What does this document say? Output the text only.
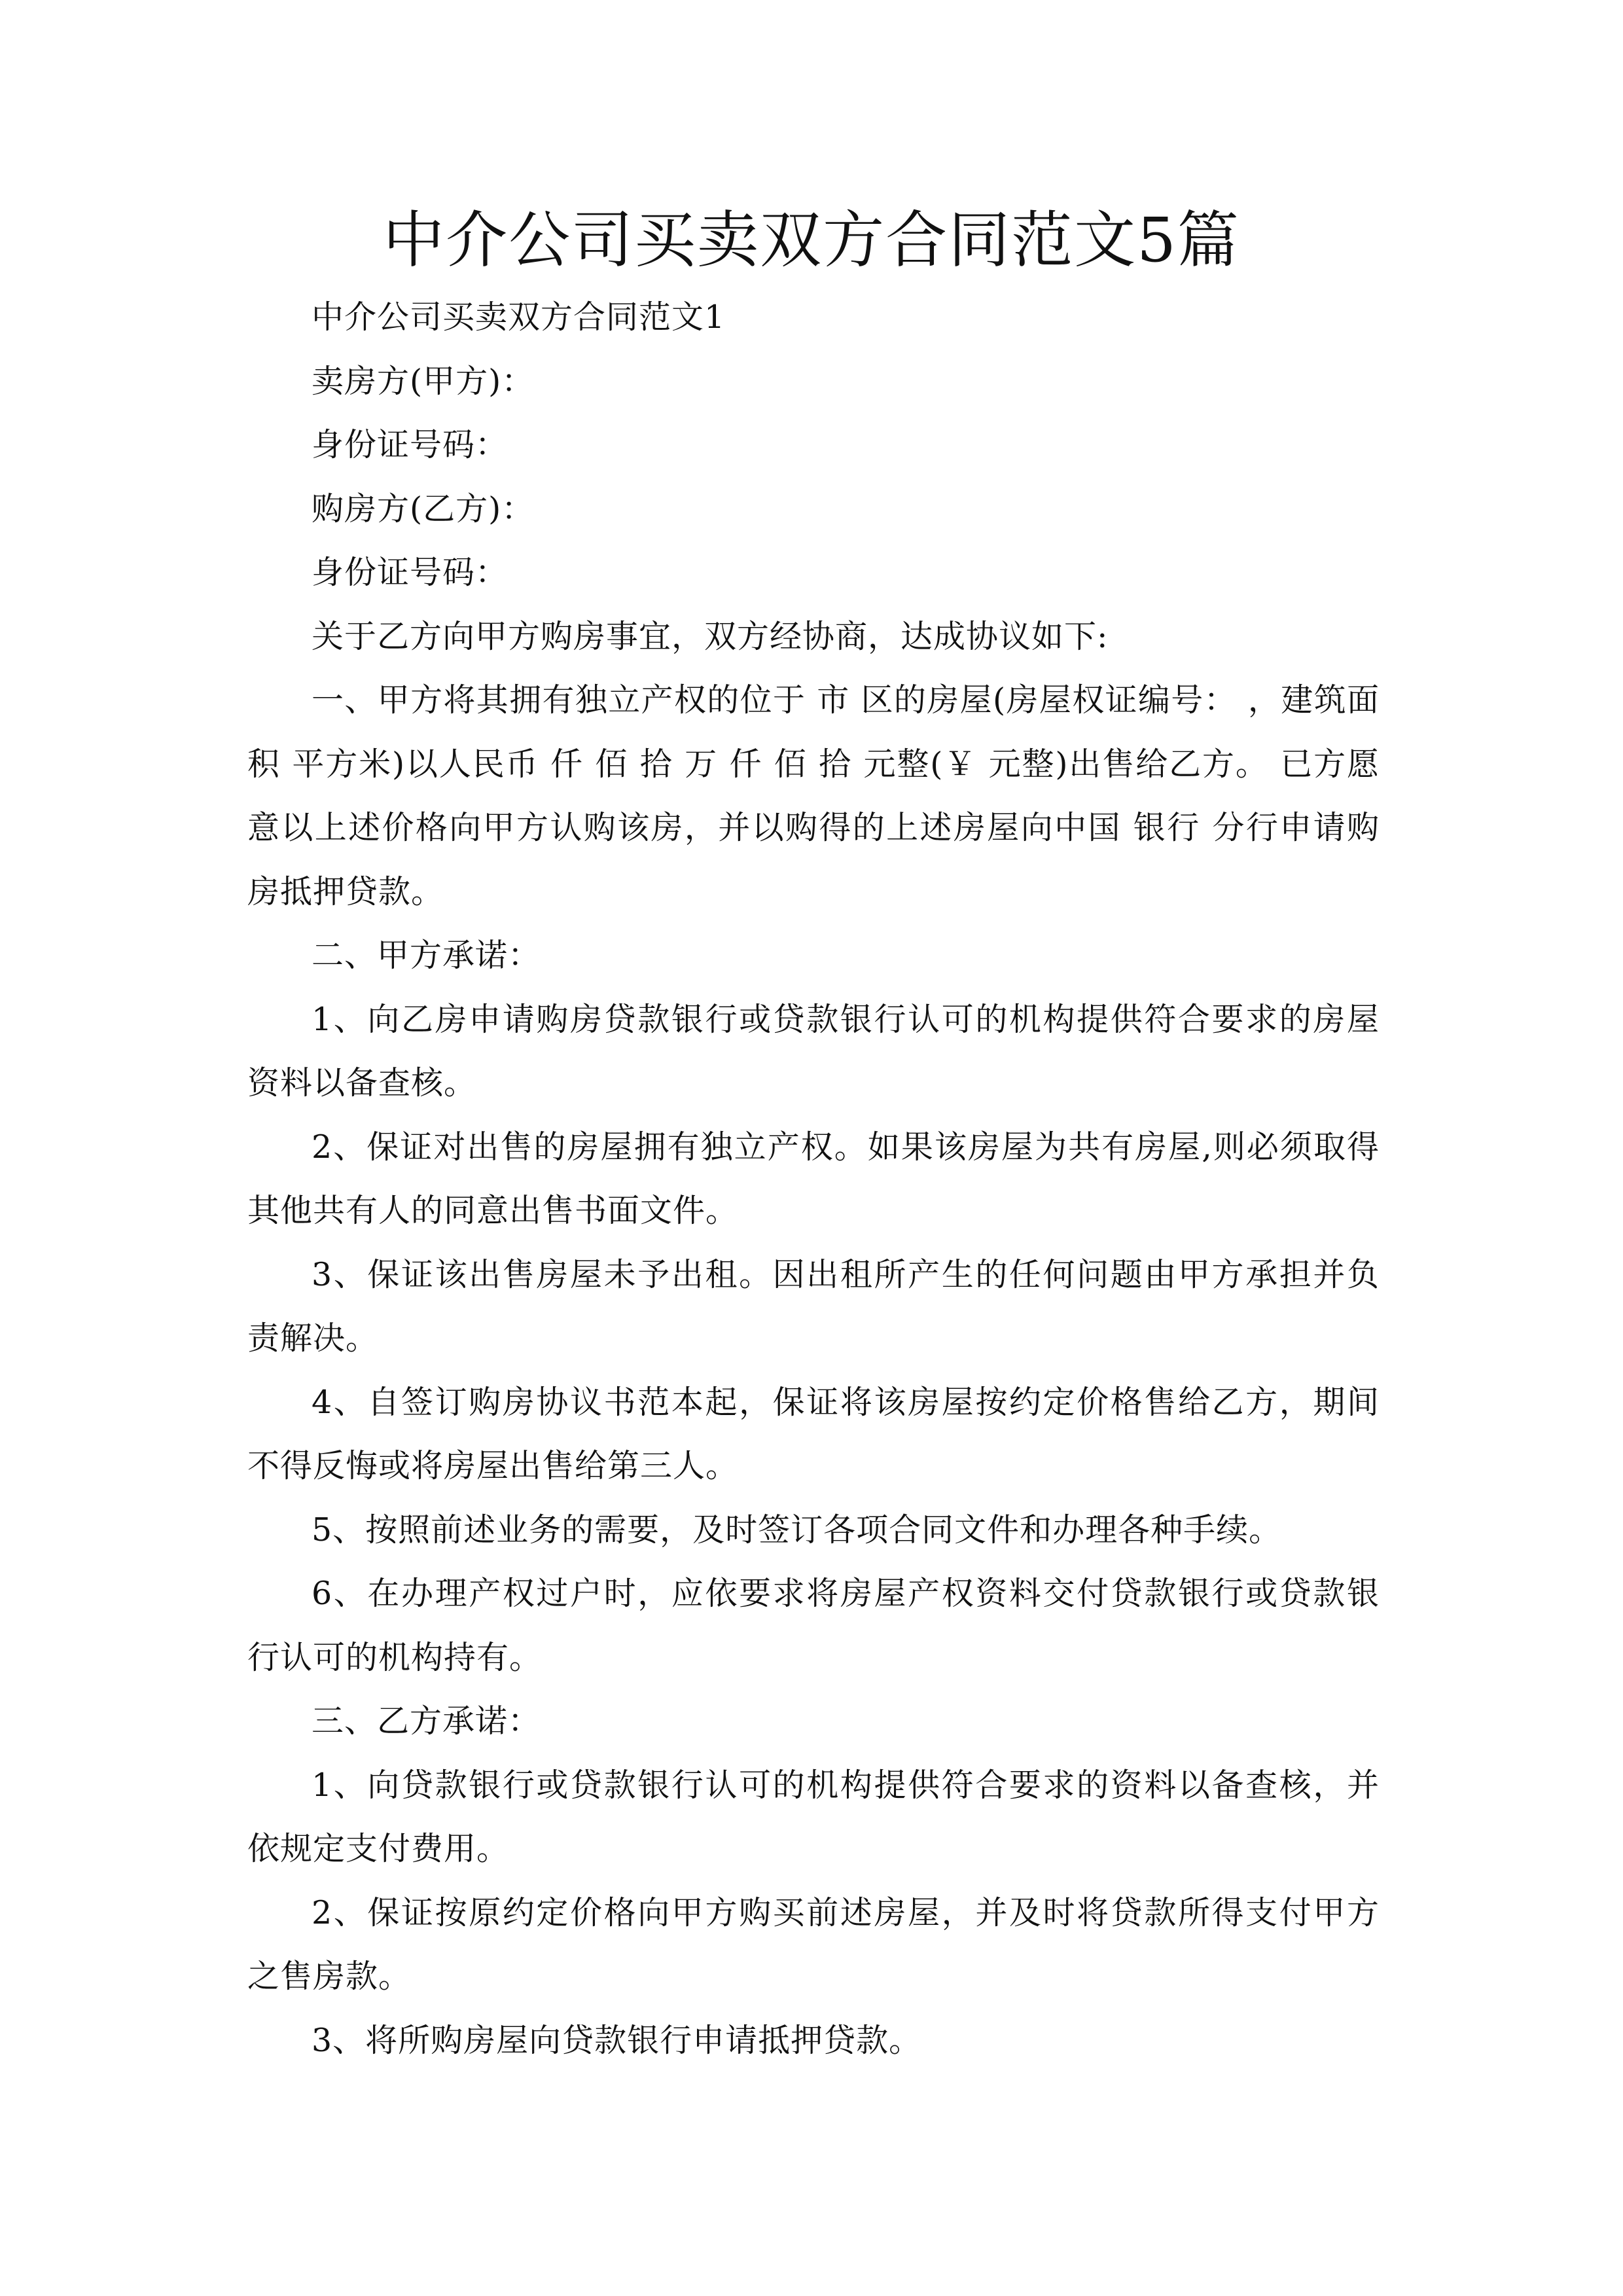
中介公司买卖双方合同范文5篇

中介公司买卖双方合同范文1

卖房方(甲方)：

身份证号码：

购房方(乙方)：

身份证号码：

关于乙方向甲方购房事宜，双方经协商，达成协议如下:

一、甲方将其拥有独立产权的位于 市 区的房屋(房屋权证编号： ，建筑面积 平方米)以人民币 仟 佰 拾 万 仟 佰 拾 元整(￥ 元整)出售给乙方。 已方愿意以上述价格向甲方认购该房，并以购得的上述房屋向中国 银行 分行申请购房抵押贷款。

二、甲方承诺：

1、向乙房申请购房贷款银行或贷款银行认可的机构提供符合要求的房屋资料以备查核。

2、保证对出售的房屋拥有独立产权。如果该房屋为共有房屋,则必须取得其他共有人的同意出售书面文件。

3、保证该出售房屋未予出租。因出租所产生的任何问题由甲方承担并负责解决。

4、自签订购房协议书范本起，保证将该房屋按约定价格售给乙方，期间不得反悔或将房屋出售给第三人。

5、按照前述业务的需要，及时签订各项合同文件和办理各种手续。

6、在办理产权过户时，应依要求将房屋产权资料交付贷款银行或贷款银行认可的机构持有。

三、乙方承诺：

1、向贷款银行或贷款银行认可的机构提供符合要求的资料以备查核，并依规定支付费用。

2、保证按原约定价格向甲方购买前述房屋，并及时将贷款所得支付甲方之售房款。

3、将所购房屋向贷款银行申请抵押贷款。
